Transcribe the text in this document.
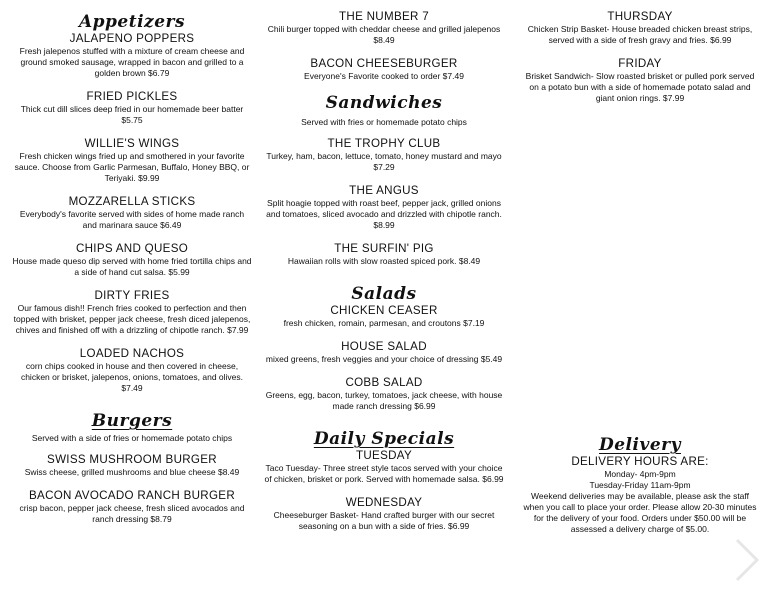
Appetizers
JALAPENO POPPERS
Fresh jalepenos stuffed with a mixture of cream cheese and ground smoked sausage, wrapped in bacon and grilled to a golden brown $6.79
FRIED PICKLES
Thick cut dill slices deep fried in our homemade beer batter $5.75
WILLIE'S WINGS
Fresh chicken wings fried up and smothered in your favorite sauce. Choose from Garlic Parmesan, Buffalo, Honey BBQ, or Teriyaki. $9.99
MOZZARELLA STICKS
Everybody's favorite served with sides of home made ranch and marinara sauce $6.49
CHIPS AND QUESO
House made queso dip served with home fried tortilla chips and a side of hand cut salsa. $5.99
DIRTY FRIES
Our famous dish!! French fries cooked to perfection and then topped with brisket, pepper jack cheese, fresh diced jalepenos, chives and finished off with a drizzling of chipotle ranch. $7.99
LOADED NACHOS
corn chips cooked in house and then covered in cheese, chicken or brisket, jalepenos, onions, tomatoes, and olives. $7.49
Burgers
Served with a side of fries or homemade potato chips
SWISS MUSHROOM BURGER
Swiss cheese, grilled mushrooms and blue cheese $8.49
BACON AVOCADO RANCH BURGER
crisp bacon, pepper jack cheese, fresh sliced avocados and ranch dressing $8.79
THE NUMBER 7
Chili burger topped with cheddar cheese and grilled jalepenos $8.49
BACON CHEESEBURGER
Everyone's Favorite cooked to order $7.49
Sandwiches
Served with fries or homemade potato chips
THE TROPHY CLUB
Turkey, ham, bacon, lettuce, tomato, honey mustard and mayo $7.29
THE ANGUS
Split hoagie topped with roast beef, pepper jack, grilled onions and tomatoes, sliced avocado and drizzled with chipotle ranch. $8.99
THE SURFIN' PIG
Hawaiian rolls with slow roasted spiced pork. $8.49
Salads
CHICKEN CEASER
fresh chicken, romain, parmesan, and croutons $7.19
HOUSE SALAD
mixed greens, fresh veggies and your choice of dressing $5.49
COBB SALAD
Greens, egg, bacon, turkey, tomatoes, jack cheese, with house made ranch dressing $6.99
Daily Specials
TUESDAY
Taco Tuesday- Three street style tacos served with your choice of chicken, brisket or pork. Served with homemade salsa. $6.99
WEDNESDAY
Cheeseburger Basket- Hand crafted burger with our secret seasoning on a bun with a side of fries. $6.99
THURSDAY
Chicken Strip Basket- House breaded chicken breast strips, served with a side of fresh gravy and fries. $6.99
FRIDAY
Brisket Sandwich- Slow roasted brisket or pulled pork served on a potato bun with a side of homemade potato salad and giant onion rings. $7.99
Delivery
DELIVERY HOURS ARE:
Monday- 4pm-9pm
Tuesday-Friday 11am-9pm
Weekend deliveries may be available, please ask the staff when you call to place your order. Please allow 20-30 minutes for the delivery of your food. Orders under $50.00 will be assessed a delivery charge of $5.00.
